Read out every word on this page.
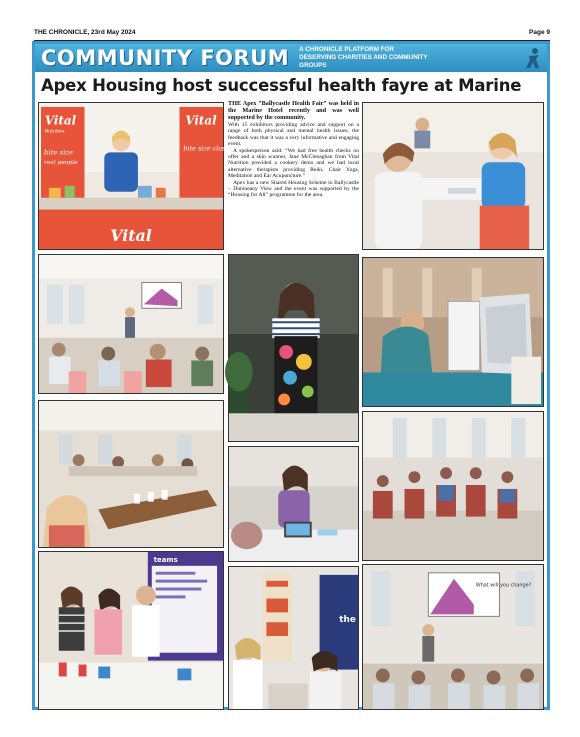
THE CHRONICLE, 23rd May 2024	Page 9
COMMUNITY FORUM A CHRONICLE PLATFORM FOR DESERVING CHARITIES AND COMMUNITY GROUPS
Apex Housing host successful health fayre at Marine
Vital
Nutrition
bite size
real people
Vital
bite size classes
Vital
THE Apex “Ballycastle Health Fair” was held in the Marine Hotel recently and was well supported by the community.

With 15 exhibitors providing advice and support on a range of both physical and mental health issues; the feedback was that it was a very informative and engaging event.

A spokesperson said: “We had free health checks on offer and a skin scanner, Jane McClenaghan from Vital Nutrition provided a cookery demo and we had local alternative therapists providing Reiki, Chair Yoga, Meditation and Ear Acupuncture.”

Apex has a new Shared Housing Scheme in Ballycastle – Dunineany View and the event was supported by the “Housing for All” programme for the area.

teams
the
What will you change?
